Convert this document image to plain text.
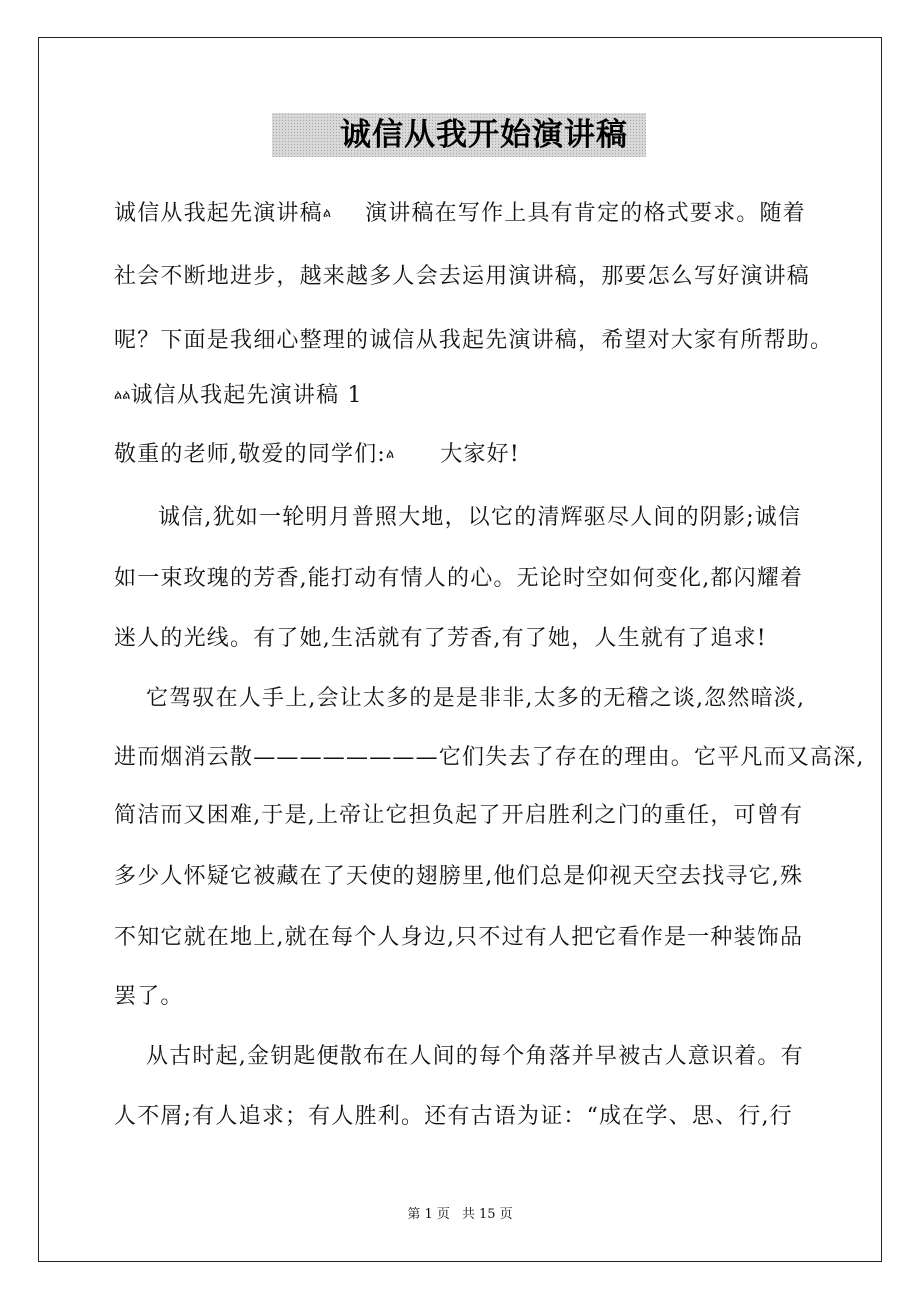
诚信从我开始演讲稿
诚信从我起先演讲稿ል 演讲稿在写作上具有肯定的格式要求。随着
社会不断地进步，越来越多人会去运用演讲稿，那要怎么写好演讲稿
呢？下面是我细心整理的诚信从我起先演讲稿，希望对大家有所帮助。
ልል诚信从我起先演讲稿 1
敬重的老师,敬爱的同学们:ል 大家好!
诚信,犹如一轮明月普照大地，以它的清辉驱尽人间的阴影;诚信
如一束玫瑰的芳香,能打动有情人的心。无论时空如何变化,都闪耀着
迷人的光线。有了她,生活就有了芳香,有了她，人生就有了追求!
它驾驭在人手上,会让太多的是是非非,太多的无稽之谈,忽然暗淡,
进而烟消云散————————它们失去了存在的理由。它平凡而又高深,
简洁而又困难,于是,上帝让它担负起了开启胜利之门的重任，可曾有
多少人怀疑它被藏在了天使的翅膀里,他们总是仰视天空去找寻它,殊
不知它就在地上,就在每个人身边,只不过有人把它看作是一种装饰品
罢了。
从古时起,金钥匙便散布在人间的每个角落并早被古人意识着。有
人不屑;有人追求；有人胜利。还有古语为证：“成在学、思、行,行
第 1 页 共 15 页
